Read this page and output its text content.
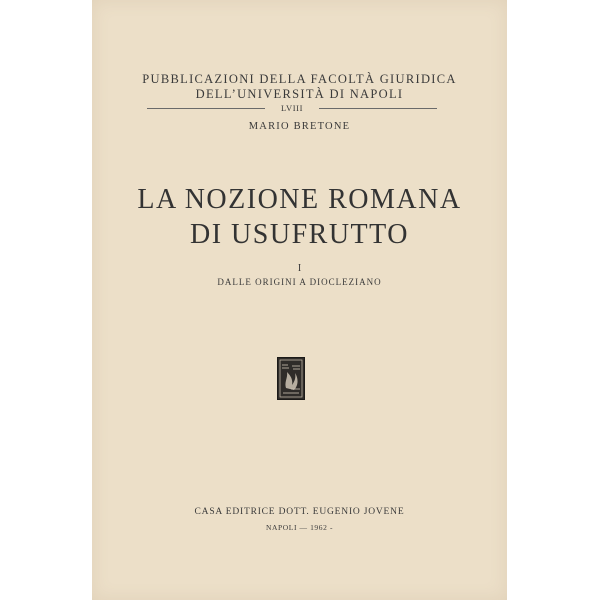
PUBBLICAZIONI DELLA FACOLTÀ GIURIDICA
DELL’UNIVERSITÀ DI NAPOLI
LVIII
MARIO BRETONE
LA NOZIONE ROMANA
DI USUFRUTTO
I
DALLE ORIGINI A DIOCLEZIANO
CASA EDITRICE DOTT. EUGENIO JOVENE
NAPOLI — 1962 -
